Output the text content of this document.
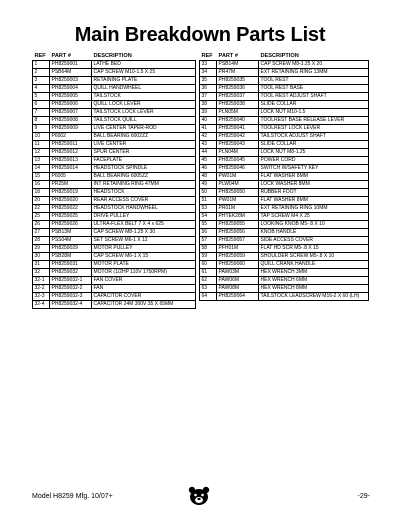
Main Breakdown Parts List
REF	PART #	DESCRIPTION
1	PH8259001	LATHE BED
2	PSB64M	CAP SCREW M10-1.5 X 25
3	PH8259003	RETAINING PLATE
4	PH8259004	QUILL HANDWHEEL
5	PH8259005	TAILSTOCK
6	PH8259006	QUILL LOCK LEVER
7	PH8259007	TAILSTOCK LOCK LEVER
8	PH8259008	TAILSTOCK QUILL
9	PH8259009	LIVE CENTER TAPER-ROD
10	P6002	BALL BEARING 6002ZZ
11	PH8259011	LIVE CENTER
12	PH8259012	SPUR CENTER
13	PH8259013	FACEPLATE
14	PH8259014	HEADSTOCK SPINDLE
15	P6005	BALL BEARING 6005ZZ
16	PR25M	INT RETAINING RING 47MM
18	PH8259019	HEADSTOCK
20	PH8259020	REAR ACCESS COVER
22	PH8259022	HEADSTOCK HANDWHEEL
25	PH8259025	DRIVE PULLEY
26	PH8259026	ULTRA-FLEX BELT 7 X 4 x 625
27	PSB13M	CAP SCREW M8-1.25 X 30
28	PSS04M	SET SCREW M6-1 X 12
29	PH8259029	MOTOR PULLEY
30	PSB28M	CAP SCREW M6-1 X 15
31	PH8259031	MOTOR PLATE
32	PH8259032	MOTOR (1/2HP 110V 1750RPM)
32-1	PH8259032-1	FAN COVER
32-2	PH8259032-2	FAN
32-3	PH8259032-3	CAPACITOR COVER
32-4	PH8259032-4	CAPACITOR 24M 300V 35 X 65MM
REF	PART #	DESCRIPTION
33	PSB14M	CAP SCREW M8-1.25 X 20
34	PR47M	EXT RETAINING RING 13MM
35	PH8259035	TOOL REST
36	PH8259036	TOOL REST BASE
37	PH8259037	TOOL REST ADJUST SHAFT
38	PH8259038	SLIDE COLLAR
39	PLN05M	LOCK NUT M10-1.5
40	PH8259040	TOOLREST BASE RELEASE LEVER
41	PH8259041	TOOLREST LOCK LEVER
42	PH8259042	TAILSTOCK ADJUST SHAFT
43	PH8259043	SLIDE COLLAR
44	PLN04M	LOCK NUT M8-1.25
45	PH8259045	POWER CORD
46	PH8259046	SWITCH W/SAFETY KEY
48	PW01M	FLAT WASHER 8MM
49	PLW04M	LOCK WASHER 8MM
50	PH8259050	RUBBER FOOT
51	PW01M	FLAT WASHER 8MM
53	PR01M	EXT RETAINING RING 10MM
54	PHTEK28M	TAP SCREW M4 X 25
55	PH8259055	LOOKING KNOB M5- 8 X 10
56	PH8259056	KNOB HANDLE
57	PH8259057	SIDE ACCESS COVER
58	PFH01M	FLAT HD SCR M5-.8 X 15
59	PH8259059	SHOULDER SCREW M5-.8 X 10
60	PH8259060	QUILL CRANK HANDLE
61	PAW03M	HEX WRENCH 3MM
62	PAW06M	HEX WRENCH 6MM
63	PAW08M	HEX WRENCH 8MM
64	PH8259064	TAILSTOCK LEADSCREW M16-2 X 60 (LH)
Model H8259 Mfg. 10/07+	-29-
